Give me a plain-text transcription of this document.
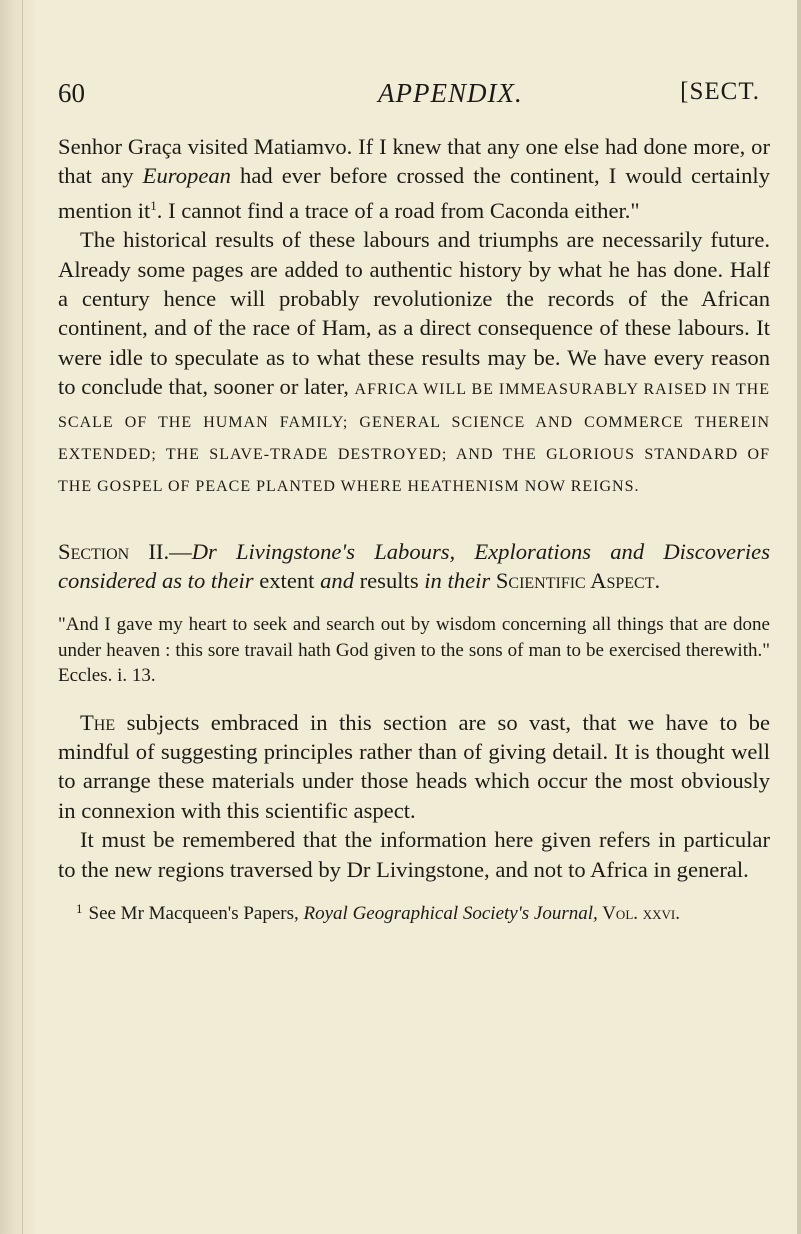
60	APPENDIX.	[SECT.

Senhor Graça visited Matiamvo. If I knew that any one else had done more, or that any European had ever before crossed the continent, I would certainly mention $it^1$. I cannot find a trace of a road from Caconda either."

The historical results of these labours and triumphs are necessarily future. Already some pages are added to authentic history by what he has done. Half a century hence will probably revolutionize the records of the African continent, and of the race of Ham, as a direct consequence of these labours. It were idle to speculate as to what these results may be. We have every reason to conclude that, sooner or later, AFRICA WILL BE IMMEASURABLY RAISED IN THE SCALE OF THE HUMAN FAMILY; GENERAL SCIENCE AND COMMERCE THEREIN EXTENDED; THE SLAVE-TRADE DESTROYED; AND THE GLORIOUS STANDARD OF THE GOSPEL OF PEACE PLANTED WHERE HEATHENISM NOW REIGNS.

Section II.—Dr Livingstone's Labours, Explorations and Discoveries considered as to their extent and results in their Scientific Aspect.

"And I gave my heart to seek and search out by wisdom concerning all things that are done under heaven : this sore travail hath God given to the sons of man to be exercised therewith." Eccles. i. 13.

The subjects embraced in this section are so vast, that we have to be mindful of suggesting principles rather than of giving detail. It is thought well to arrange these materials under those heads which occur the most obviously in connexion with this scientific aspect.

It must be remembered that the information here given refers in particular to the new regions traversed by Dr Livingstone, and not to Africa in general.

$^1$ See Mr Macqueen's Papers, Royal Geographical Society's Journal, Vol. xxvi.
